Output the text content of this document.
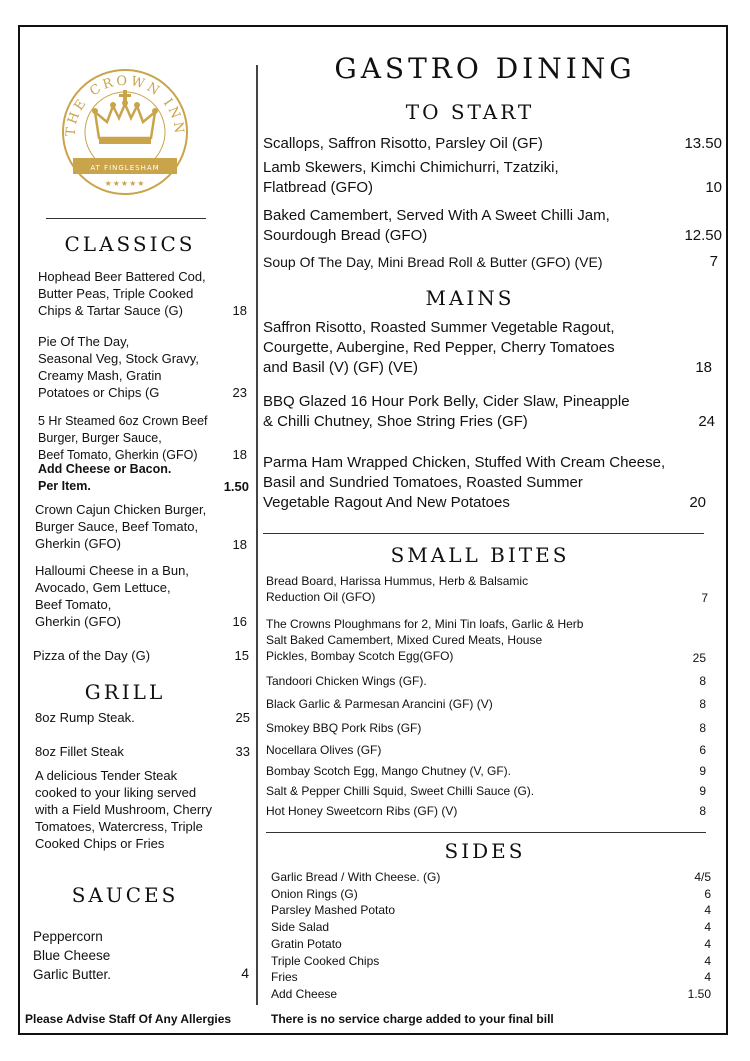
THE CROWN INN
AT FINGLESHAM
★★★★★
CLASSICS
Hophead Beer Battered Cod,
Butter Peas, Triple Cooked
Chips & Tartar Sauce (G)	18
Pie Of The Day,
Seasonal Veg, Stock Gravy,
Creamy Mash, Gratin
Potatoes or Chips (G	23
5 Hr Steamed 6oz Crown Beef
Burger, Burger Sauce,
Beef Tomato, Gherkin (GFO)	18
Add Cheese or Bacon.
Per Item.	1.50
Crown Cajun Chicken Burger,
Burger Sauce, Beef Tomato,
Gherkin (GFO)	18
Halloumi Cheese in a Bun,
Avocado, Gem Lettuce,
Beef Tomato,
Gherkin (GFO)	16
Pizza of the Day (G)	15
GRILL
8oz Rump Steak.	25
8oz Fillet Steak	33
A delicious Tender Steak
cooked to your liking served
with a Field Mushroom, Cherry
Tomatoes, Watercress, Triple
Cooked Chips or Fries
SAUCES
Peppercorn
Blue Cheese
Garlic Butter.	4
GASTRO DINING
TO START
Scallops, Saffron Risotto, Parsley Oil (GF)	13.50
Lamb Skewers, Kimchi Chimichurri, Tzatziki,
Flatbread (GFO)	10
Baked Camembert, Served With A Sweet Chilli Jam,
Sourdough Bread (GFO)	12.50
Soup Of The Day, Mini Bread Roll & Butter (GFO) (VE)	7
MAINS
Saffron Risotto, Roasted Summer Vegetable Ragout,
Courgette, Aubergine, Red Pepper, Cherry Tomatoes
and Basil (V) (GF) (VE)	18
BBQ Glazed 16 Hour Pork Belly, Cider Slaw, Pineapple
& Chilli Chutney, Shoe String Fries (GF)	24
Parma Ham Wrapped Chicken, Stuffed With Cream Cheese,
Basil and Sundried Tomatoes, Roasted Summer
Vegetable Ragout And New Potatoes	20
SMALL BITES
Bread Board, Harissa Hummus, Herb & Balsamic
Reduction Oil (GFO)	7
The Crowns Ploughmans for 2, Mini Tin loafs, Garlic & Herb
Salt Baked Camembert, Mixed Cured Meats, House
Pickles, Bombay Scotch Egg(GFO)	25
Tandoori Chicken Wings (GF).	8
Black Garlic & Parmesan Arancini (GF) (V)	8
Smokey BBQ Pork Ribs (GF)	8
Nocellara Olives (GF)	6
Bombay Scotch Egg, Mango Chutney (V, GF).	9
Salt & Pepper Chilli Squid, Sweet Chilli Sauce (G).	9
Hot Honey Sweetcorn Ribs (GF) (V)	8
SIDES
Garlic Bread / With Cheese. (G)	4/5
Onion Rings (G)	6
Parsley Mashed Potato	4
Side Salad	4
Gratin Potato	4
Triple Cooked Chips	4
Fries	4
Add Cheese	1.50
Please Advise Staff Of Any Allergies	There is no service charge added to your final bill
